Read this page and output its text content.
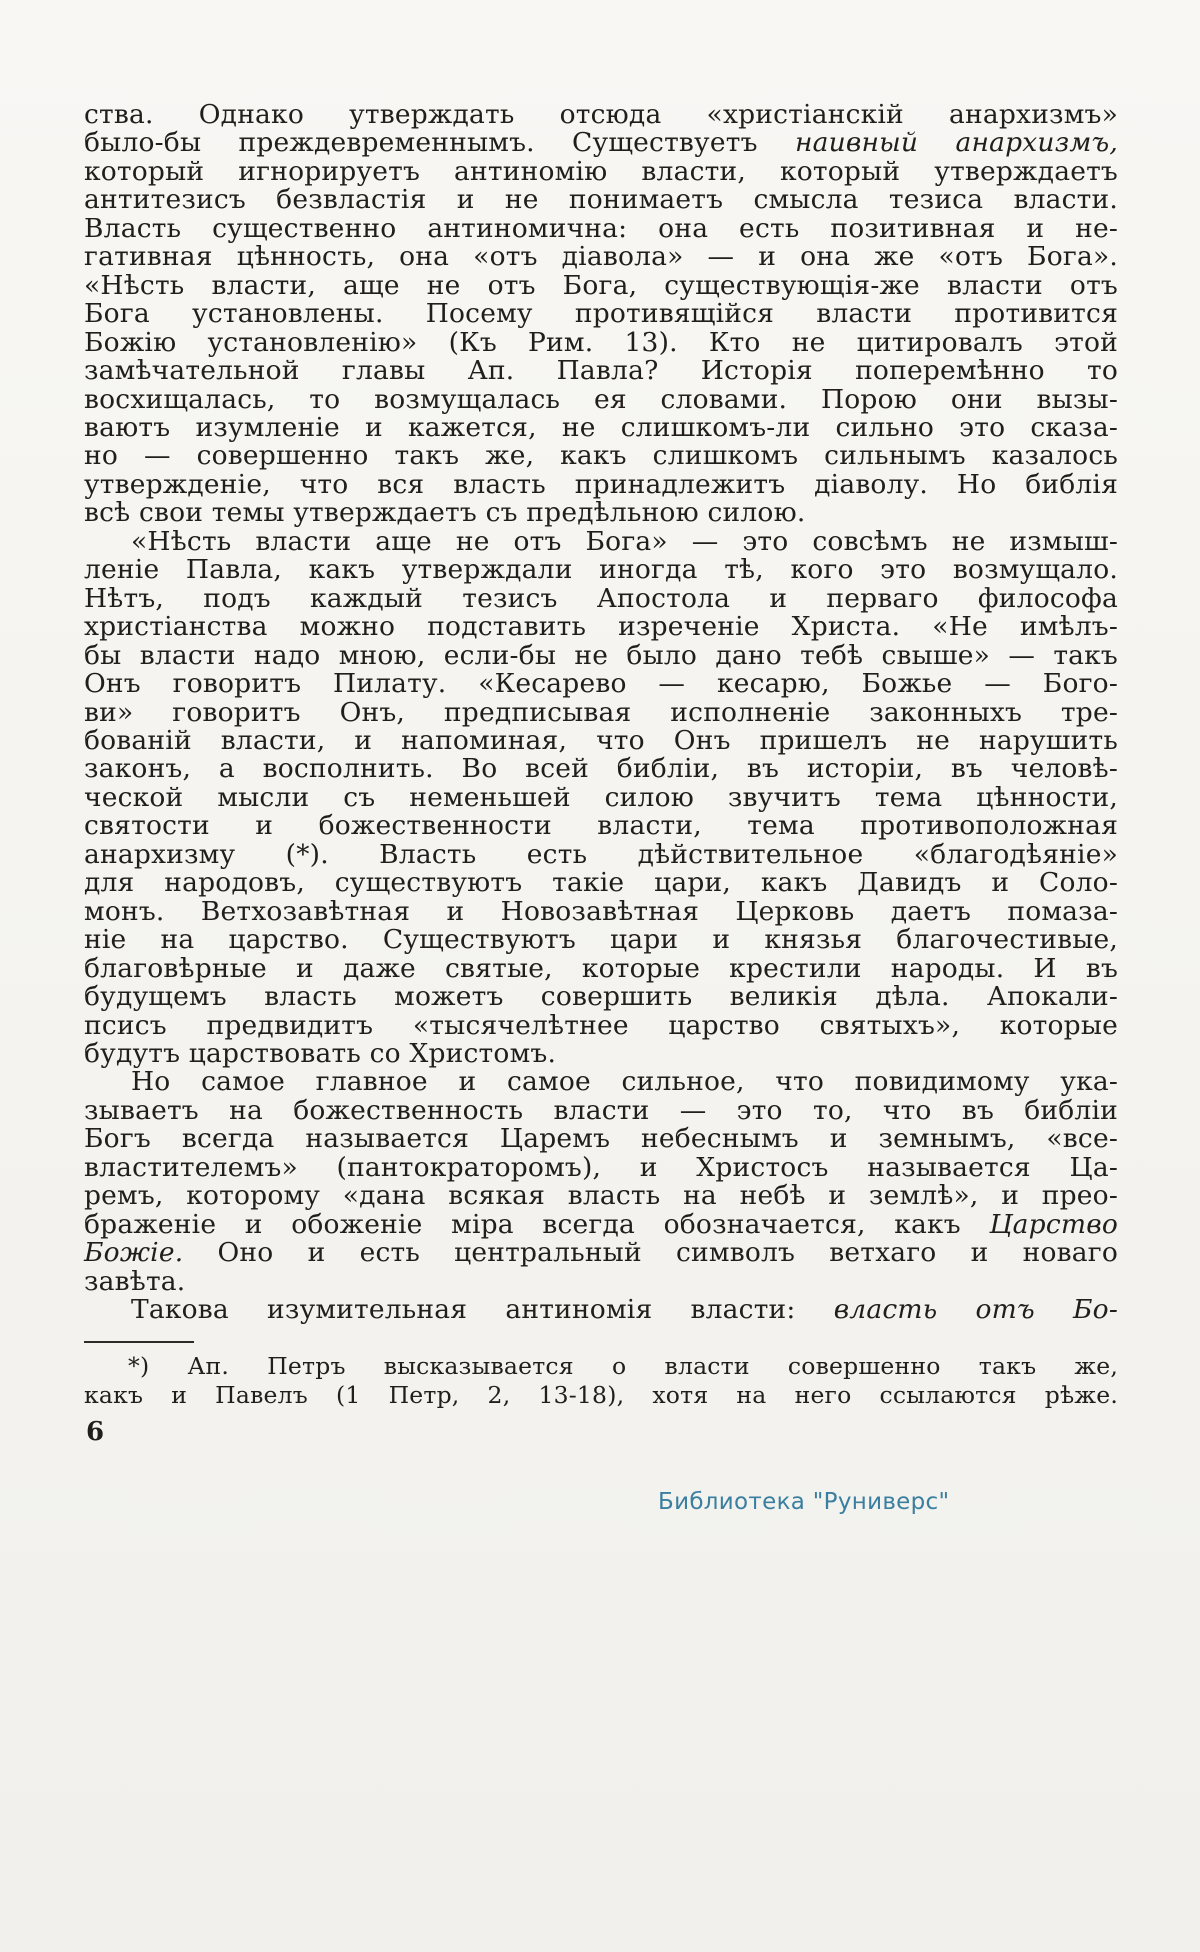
ства. Однако утверждать отсюда «христіанскій анархизмъ»
было-бы преждевременнымъ. Существуетъ наивный анархизмъ,
который игнорируетъ антиномію власти, который утверждаетъ
антитезисъ безвластія и не понимаетъ смысла тезиса власти.
Власть существенно антиномична: она есть позитивная и не-
гативная цѣнность, она «отъ діавола» — и она же «отъ Бога».
«Нѣсть власти, аще не отъ Бога, существующія-же власти отъ
Бога установлены. Посему противящійся власти противится
Божію установленію» (Къ Рим. 13). Кто не цитировалъ этой
замѣчательной главы Ап. Павла? Исторія поперемѣнно то
восхищалась, то возмущалась ея словами. Порою они вызы-
ваютъ изумленіе и кажется, не слишкомъ-ли сильно это сказа-
но — совершенно такъ же, какъ слишкомъ сильнымъ казалось
утвержденіе, что вся власть принадлежитъ діаволу. Но библія
всѣ свои темы утверждаетъ съ предѣльною силою.
«Нѣсть власти аще не отъ Бога» — это совсѣмъ не измыш-
леніе Павла, какъ утверждали иногда тѣ, кого это возмущало.
Нѣтъ, подъ каждый тезисъ Апостола и перваго философа
христіанства можно подставить изреченіе Христа. «Не имѣлъ-
бы власти надо мною, если-бы не было дано тебѣ свыше» — такъ
Онъ говоритъ Пилату. «Кесарево — кесарю, Божье — Бого-
ви» говоритъ Онъ, предписывая исполненіе законныхъ тре-
бованій власти, и напоминая, что Онъ пришелъ не нарушить
законъ, а восполнить. Во всей библіи, въ исторіи, въ человѣ-
ческой мысли съ неменьшей силою звучитъ тема цѣнности,
святости и божественности власти, тема противоположная
анархизму (*). Власть есть дѣйствительное «благодѣяніе»
для народовъ, существуютъ такіе цари, какъ Давидъ и Соло-
монъ. Ветхозавѣтная и Новозавѣтная Церковь даетъ помаза-
ніе на царство. Существуютъ цари и князья благочестивые,
благовѣрные и даже святые, которые крестили народы. И въ
будущемъ власть можетъ совершить великія дѣла. Апокали-
псисъ предвидитъ «тысячелѣтнее царство святыхъ», которые
будутъ царствовать со Христомъ.
Но самое главное и самое сильное, что повидимому ука-
зываетъ на божественность власти — это то, что въ библіи
Богъ всегда называется Царемъ небеснымъ и земнымъ, «все-
властителемъ» (пантократоромъ), и Христосъ называется Ца-
ремъ, которому «дана всякая власть на небѣ и землѣ», и прео-
браженіе и обоженіе міра всегда обозначается, какъ Царство
Божіе. Оно и есть центральный символъ ветхаго и новаго
завѣта.
Такова изумительная антиномія власти: власть отъ Бо-
*) Ап. Петръ высказывается о власти совершенно такъ же,
какъ и Павелъ (1 Петр, 2, 13-18), хотя на него ссылаются рѣже.
6
Библиотека "Руниверс"
